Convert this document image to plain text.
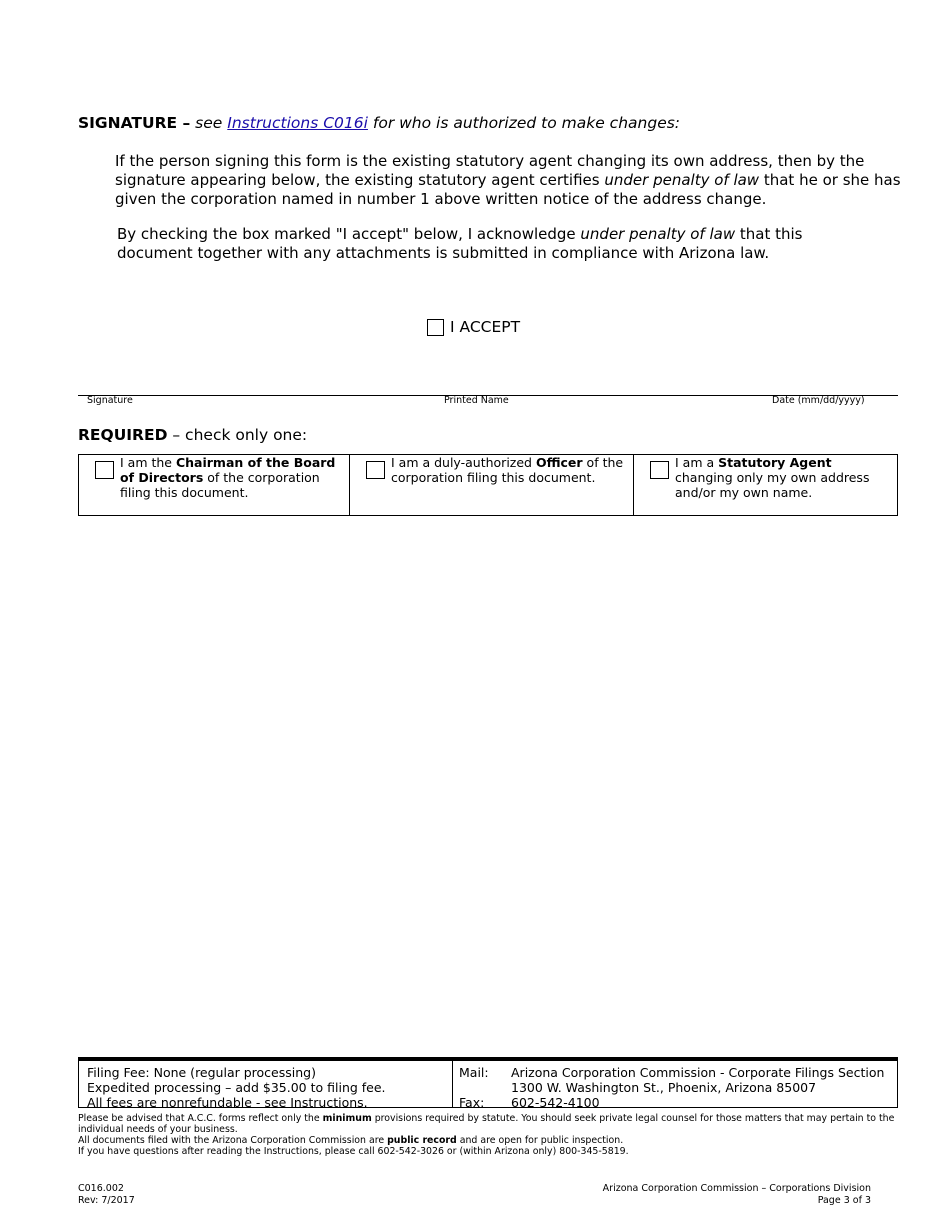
SIGNATURE – see Instructions C016i for who is authorized to make changes:

If the person signing this form is the existing statutory agent changing its own address, then by the signature appearing below, the existing statutory agent certifies under penalty of law that he or she has given the corporation named in number 1 above written notice of the address change.

By checking the box marked "I accept" below, I acknowledge under penalty of law that this document together with any attachments is submitted in compliance with Arizona law.

I ACCEPT
Signature	Printed Name	Date (mm/dd/yyyy)
REQUIRED – check only one:
I am the Chairman of the Board of Directors of the corporation filing this document.
I am a duly-authorized Officer of the corporation filing this document.
I am a Statutory Agent changing only my own address and/or my own name.
Filing Fee: None (regular processing)
Expedited processing – add $35.00 to filing fee.
All fees are nonrefundable - see Instructions.
Mail:	Arizona Corporation Commission - Corporate Filings Section
1300 W. Washington St., Phoenix, Arizona 85007
Fax:	602-542-4100
Please be advised that A.C.C. forms reflect only the minimum provisions required by statute. You should seek private legal counsel for those matters that may pertain to the individual needs of your business.
All documents filed with the Arizona Corporation Commission are public record and are open for public inspection.
If you have questions after reading the Instructions, please call 602-542-3026 or (within Arizona only) 800-345-5819.
C016.002
Rev: 7/2017
Arizona Corporation Commission – Corporations Division
Page 3 of 3
